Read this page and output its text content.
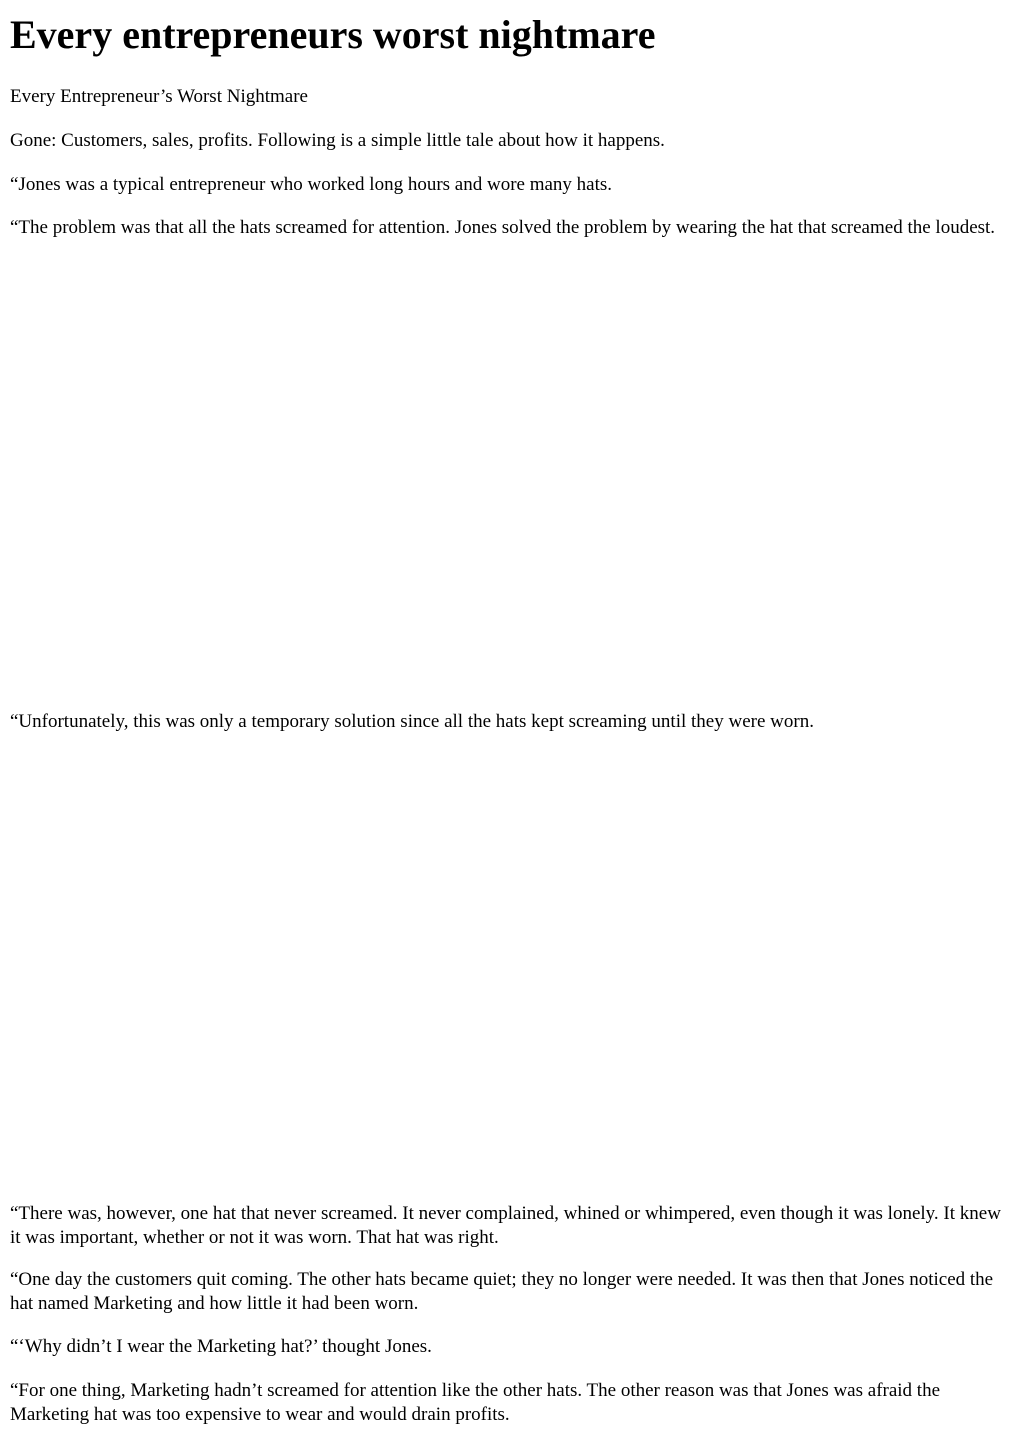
Every entrepreneurs worst nightmare

Every Entrepreneur’s Worst Nightmare

Gone: Customers, sales, profits. Following is a simple little tale about how it happens.

“Jones was a typical entrepreneur who worked long hours and wore many hats.

“The problem was that all the hats screamed for attention. Jones solved the problem by wearing the hat that screamed the loudest.

“Unfortunately, this was only a temporary solution since all the hats kept screaming until they were worn.

“There was, however, one hat that never screamed. It never complained, whined or whimpered, even though it was lonely. It knew it was important, whether or not it was worn. That hat was right.

“One day the customers quit coming. The other hats became quiet; they no longer were needed. It was then that Jones noticed the hat named Marketing and how little it had been worn.

“‘Why didn’t I wear the Marketing hat?’ thought Jones.

“For one thing, Marketing hadn’t screamed for attention like the other hats. The other reason was that Jones was afraid the Marketing hat was too expensive to wear and would drain profits.
